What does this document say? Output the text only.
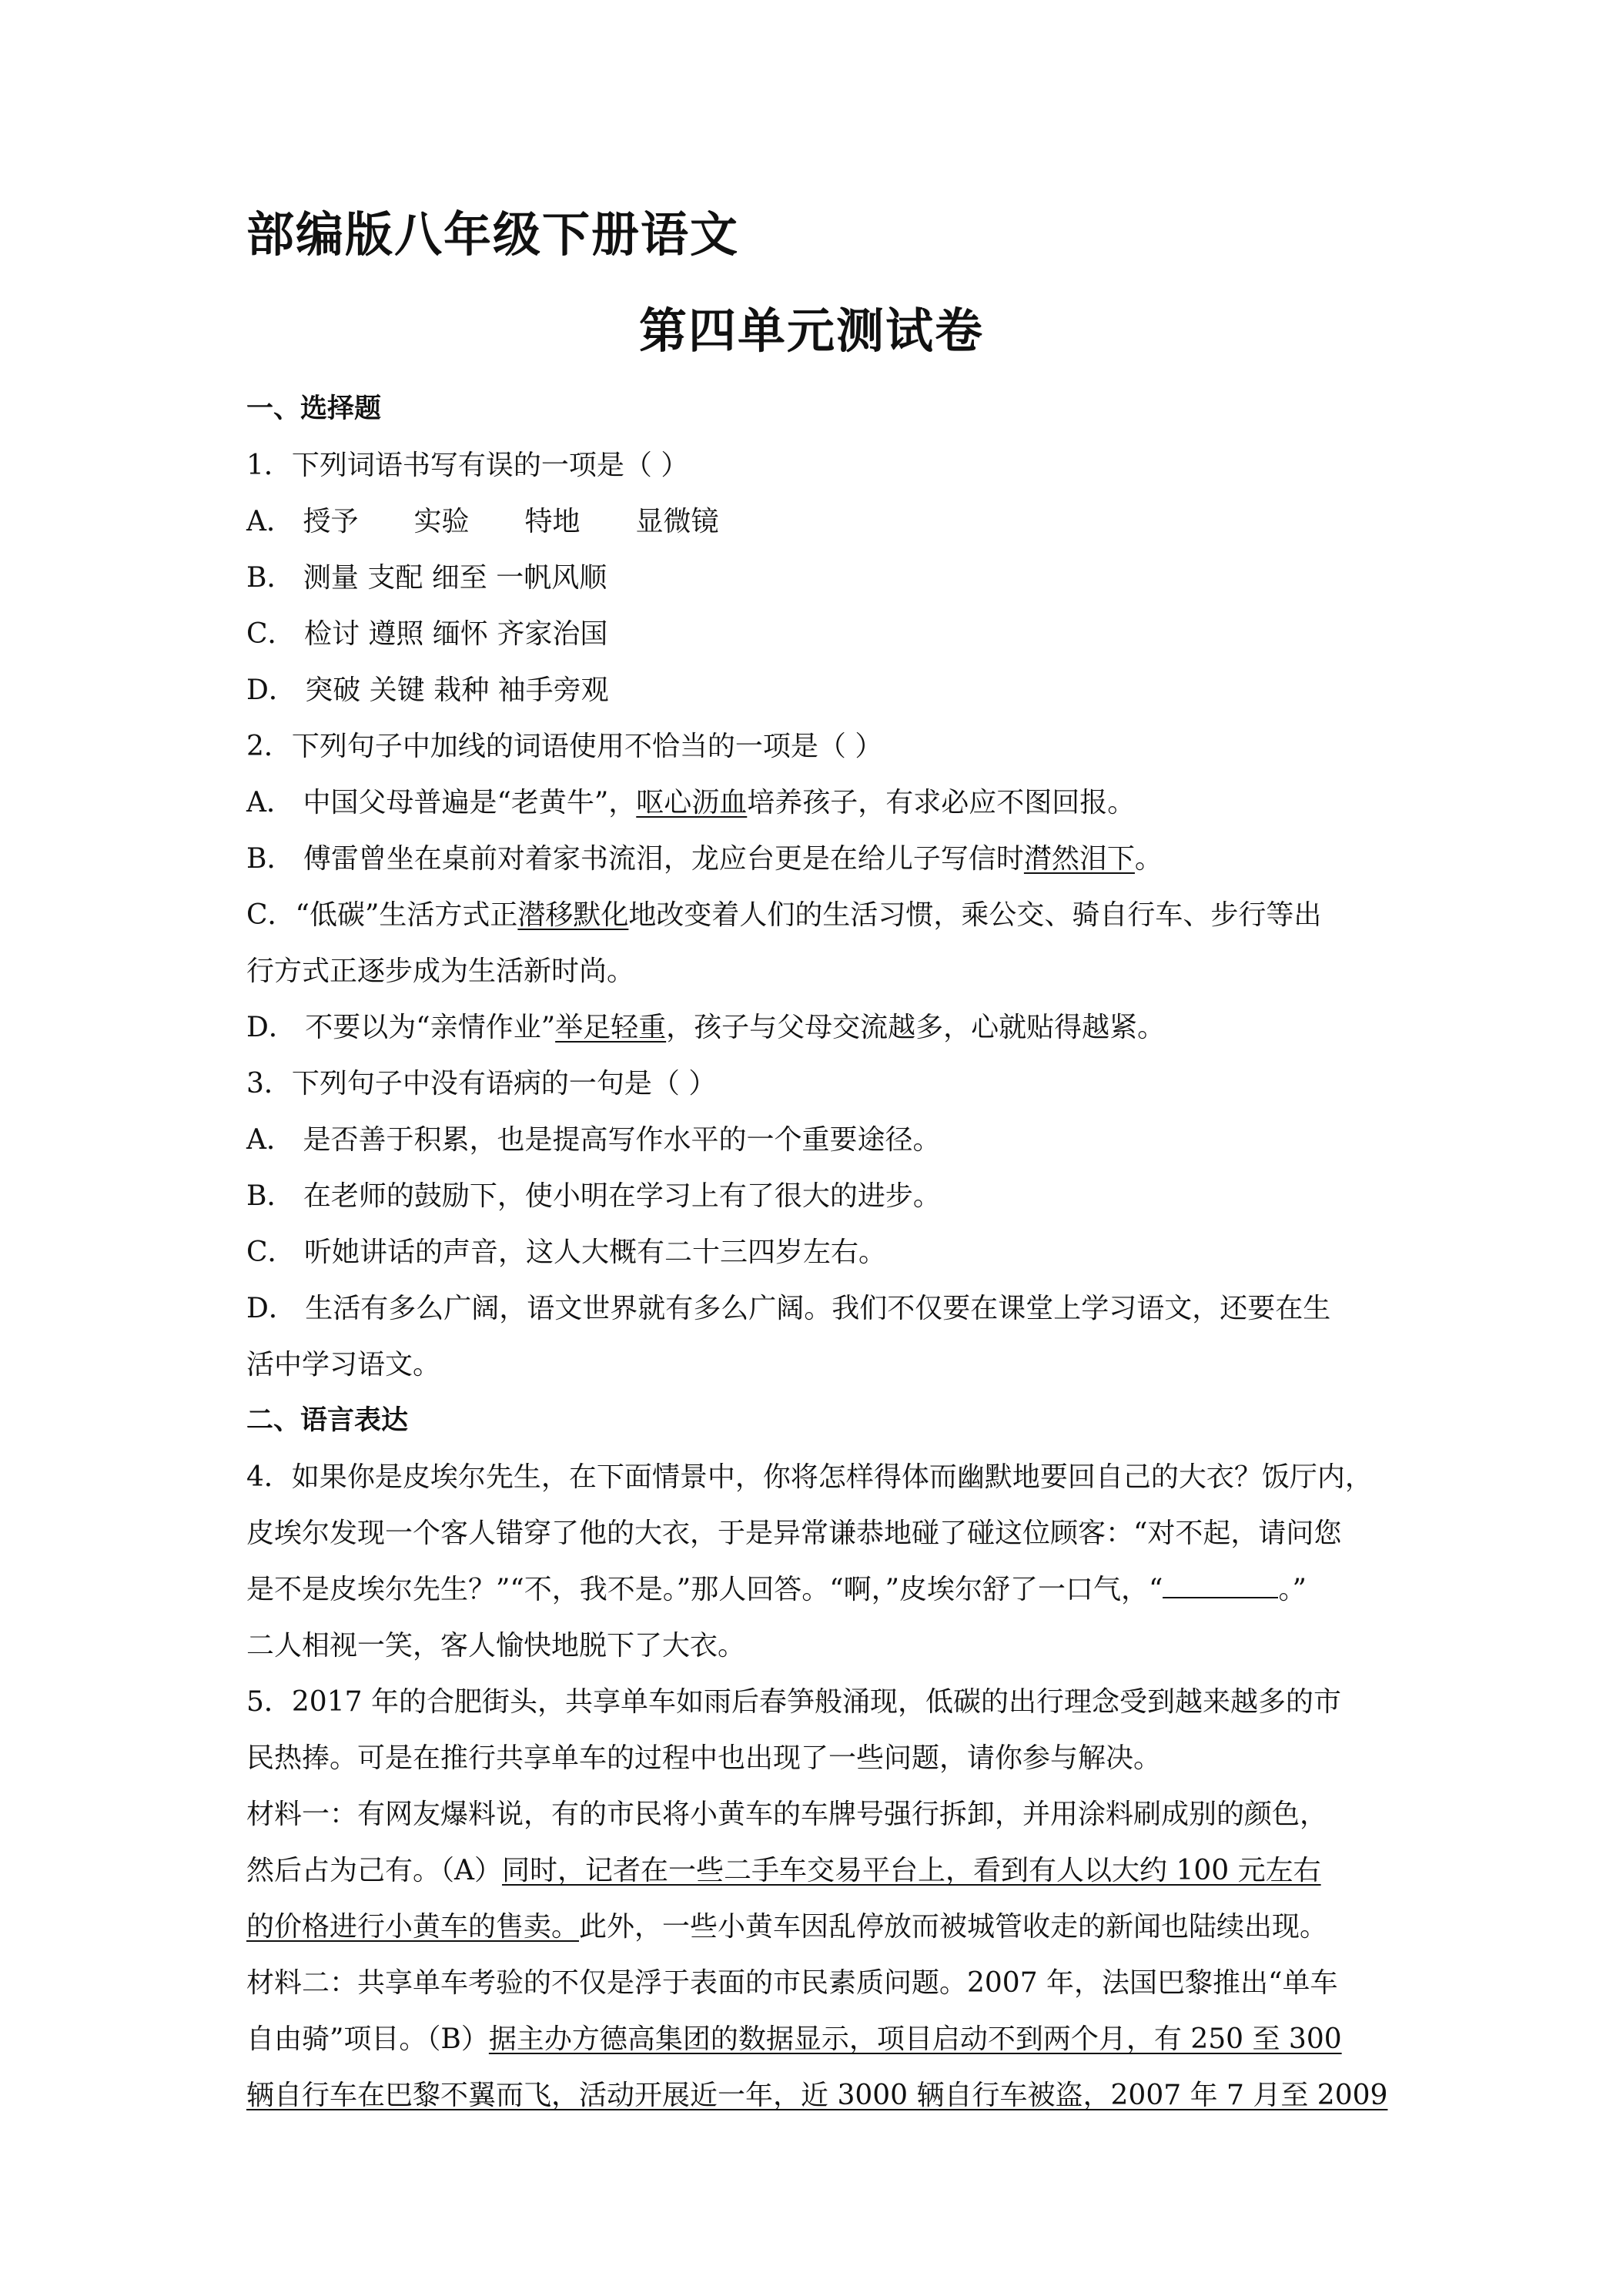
部编版八年级下册语文
第四单元测试卷
一、选择题
1．下列词语书写有误的一项是（ ）
A． 授予　　实验　　特地　　显微镜
B． 测量 支配 细至 一帆风顺
C． 检讨 遵照 缅怀 齐家治国
D． 突破 关键 栽种 袖手旁观
2．下列句子中加线的词语使用不恰当的一项是（ ）
A． 中国父母普遍是“老黄牛”，呕心沥血培养孩子，有求必应不图回报。
B． 傅雷曾坐在桌前对着家书流泪，龙应台更是在给儿子写信时潸然泪下。
C．“低碳”生活方式正潜移默化地改变着人们的生活习惯，乘公交、骑自行车、步行等出
行方式正逐步成为生活新时尚。
D． 不要以为“亲情作业”举足轻重，孩子与父母交流越多，心就贴得越紧。
3．下列句子中没有语病的一句是（ ）
A． 是否善于积累，也是提高写作水平的一个重要途径。
B． 在老师的鼓励下，使小明在学习上有了很大的进步。
C． 听她讲话的声音，这人大概有二十三四岁左右。
D． 生活有多么广阔，语文世界就有多么广阔。我们不仅要在课堂上学习语文，还要在生
活中学习语文。
二、语言表达
4．如果你是皮埃尔先生，在下面情景中，你将怎样得体而幽默地要回自己的大衣？饭厅内，
皮埃尔发现一个客人错穿了他的大衣，于是异常谦恭地碰了碰这位顾客：“对不起，请问您
是不是皮埃尔先生？”“不，我不是。”那人回答。“啊，”皮埃尔舒了一口气，“	。”
二人相视一笑，客人愉快地脱下了大衣。
5．2017 年的合肥街头，共享单车如雨后春笋般涌现，低碳的出行理念受到越来越多的市
民热捧。可是在推行共享单车的过程中也出现了一些问题，请你参与解决。
材料一：有网友爆料说，有的市民将小黄车的车牌号强行拆卸，并用涂料刷成别的颜色，
然后占为己有。（A）同时，记者在一些二手车交易平台上，看到有人以大约 100 元左右
的价格进行小黄车的售卖。此外，一些小黄车因乱停放而被城管收走的新闻也陆续出现。
材料二：共享单车考验的不仅是浮于表面的市民素质问题。2007 年，法国巴黎推出“单车
自由骑”项目。（B）据主办方德高集团的数据显示，项目启动不到两个月，有 250 至 300
辆自行车在巴黎不翼而飞，活动开展近一年，近 3000 辆自行车被盗，2007 年 7 月至 2009
